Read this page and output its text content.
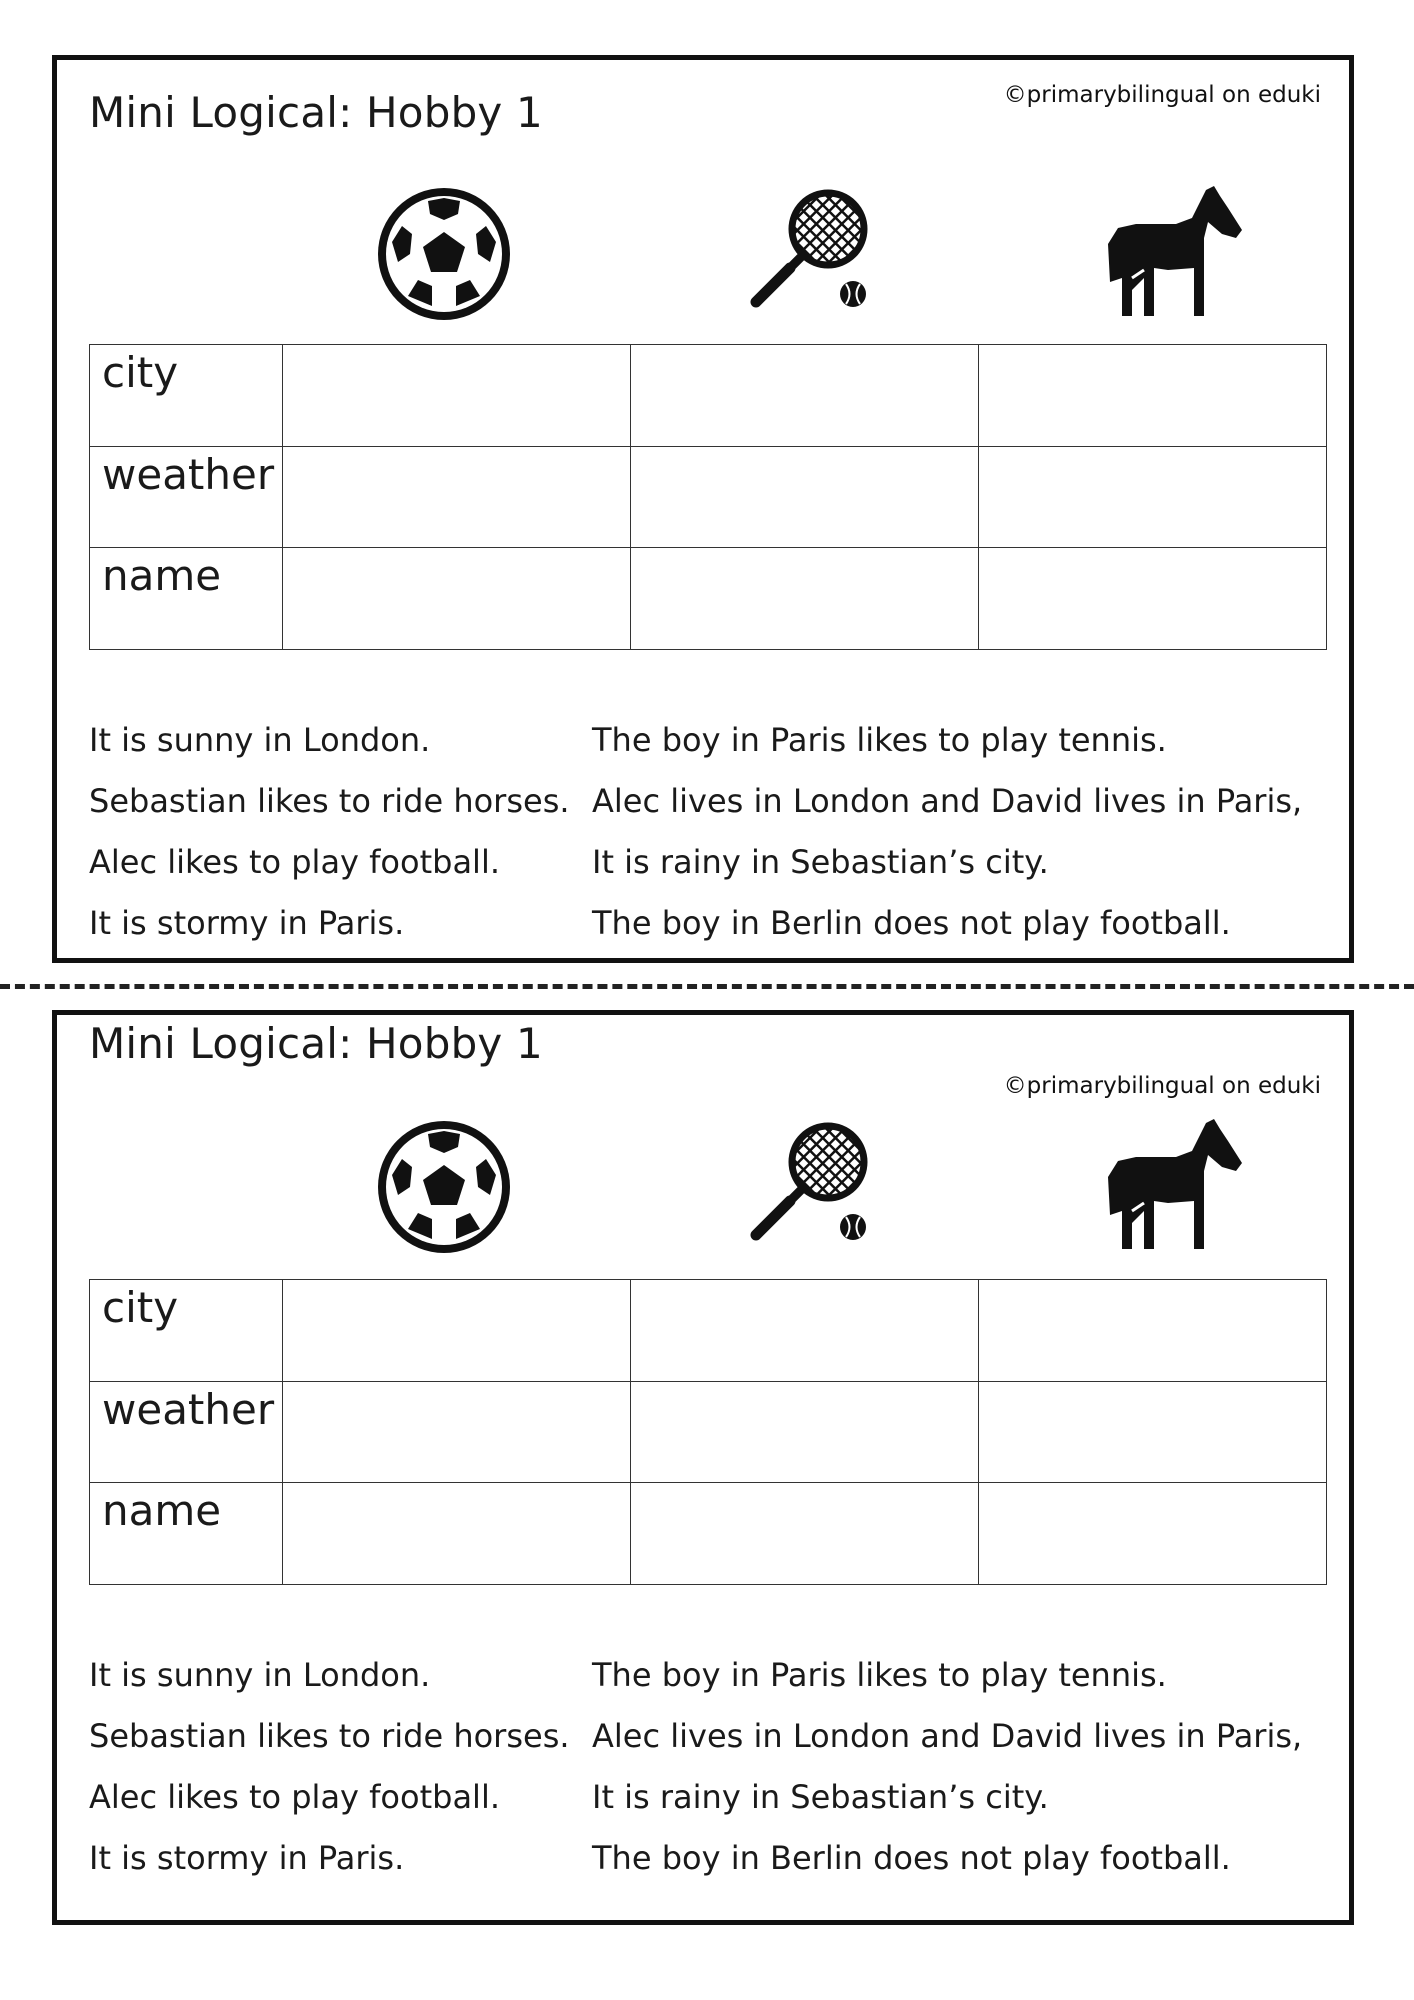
Mini Logical: Hobby 1	©primarybilingual on eduki
city			
weather			
name			
It is sunny in London.
Sebastian likes to ride horses.
Alec likes to play football.
It is stormy in Paris.
The boy in Paris likes to play tennis.
Alec lives in London and David lives in Paris,
It is rainy in Sebastian’s city.
The boy in Berlin does not play football.
Mini Logical: Hobby 1
©primarybilingual on eduki
city			
weather			
name			
It is sunny in London.
Sebastian likes to ride horses.
Alec likes to play football.
It is stormy in Paris.
The boy in Paris likes to play tennis.
Alec lives in London and David lives in Paris,
It is rainy in Sebastian’s city.
The boy in Berlin does not play football.
